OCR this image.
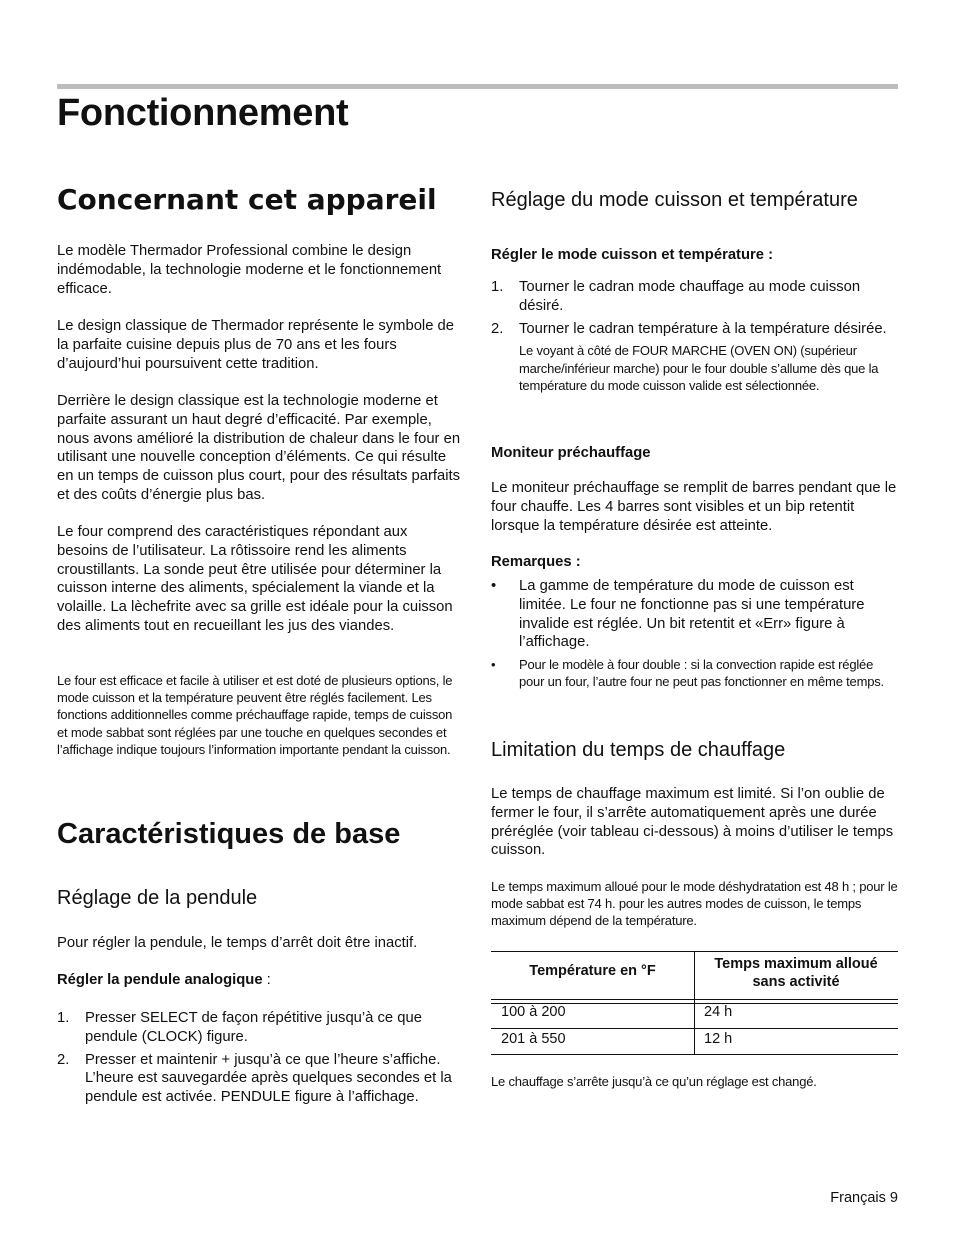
Fonctionnement
Concernant cet appareil

Le modèle Thermador Professional combine le design indémodable, la technologie moderne et le fonctionnement efficace.

Le design classique de Thermador représente le symbole de la parfaite cuisine depuis plus de 70 ans et les fours d’aujourd’hui poursuivent cette tradition.

Derrière le design classique est la technologie moderne et parfaite assurant un haut degré d’efficacité. Par exemple, nous avons amélioré la distribution de chaleur dans le four en utilisant une nouvelle conception d’éléments. Ce qui résulte en un temps de cuisson plus court, pour des résultats parfaits et des coûts d’énergie plus bas.

Le four comprend des caractéristiques répondant aux besoins de l’utilisateur. La rôtissoire rend les aliments croustillants. La sonde peut être utilisée pour déterminer la cuisson interne des aliments, spécialement la viande et la volaille. La lèchefrite avec sa grille est idéale pour la cuisson des aliments tout en recueillant les jus des viandes.

Le four est efficace et facile à utiliser et est doté de plusieurs options, le mode cuisson et la température peuvent être réglés facilement. Les fonctions additionnelles comme préchauffage rapide, temps de cuisson et mode sabbat sont réglées par une touche en quelques secondes et l’affichage indique toujours l’information importante pendant la cuisson.

Caractéristiques de base
Réglage de la pendule

Pour régler la pendule, le temps d’arrêt doit être inactif.

Régler la pendule analogique :

1. Presser SELECT de façon répétitive jusqu’à ce que pendule (CLOCK) figure.
2. Presser et maintenir + jusqu’à ce que l’heure s’affiche. L’heure est sauvegardée après quelques secondes et la pendule est activée. PENDULE figure à l’affichage.
Réglage du mode cuisson et température

Régler le mode cuisson et température :

1. Tourner le cadran mode chauffage au mode cuisson désiré.
2. Tourner le cadran température à la température désirée.
Le voyant à côté de FOUR MARCHE (OVEN ON) (supérieur marche/inférieur marche) pour le four double s’allume dès que la température du mode cuisson valide est sélectionnée.

Moniteur préchauffage

Le moniteur préchauffage se remplit de barres pendant que le four chauffe. Les 4 barres sont visibles et un bip retentit lorsque la température désirée est atteinte.

Remarques :

• La gamme de température du mode de cuisson est limitée. Le four ne fonctionne pas si une température invalide est réglée. Un bit retentit et «Err» figure à l’affichage.
• Pour le modèle à four double : si la convection rapide est réglée pour un four, l’autre four ne peut pas fonctionner en même temps.
Limitation du temps de chauffage

Le temps de chauffage maximum est limité. Si l’on oublie de fermer le four, il s’arrête automatiquement après une durée préréglée (voir tableau ci-dessous) à moins d’utiliser le temps cuisson.

Le temps maximum alloué pour le mode déshydratation est 48 h ; pour le mode sabbat est 74 h. pour les autres modes de cuisson, le temps maximum dépend de la température.

Température en °F	Temps maximum alloué sans activité
100 à 200	24 h
201 à 550	12 h

Le chauffage s’arrête jusqu’à ce qu’un réglage est changé.

Français 9
